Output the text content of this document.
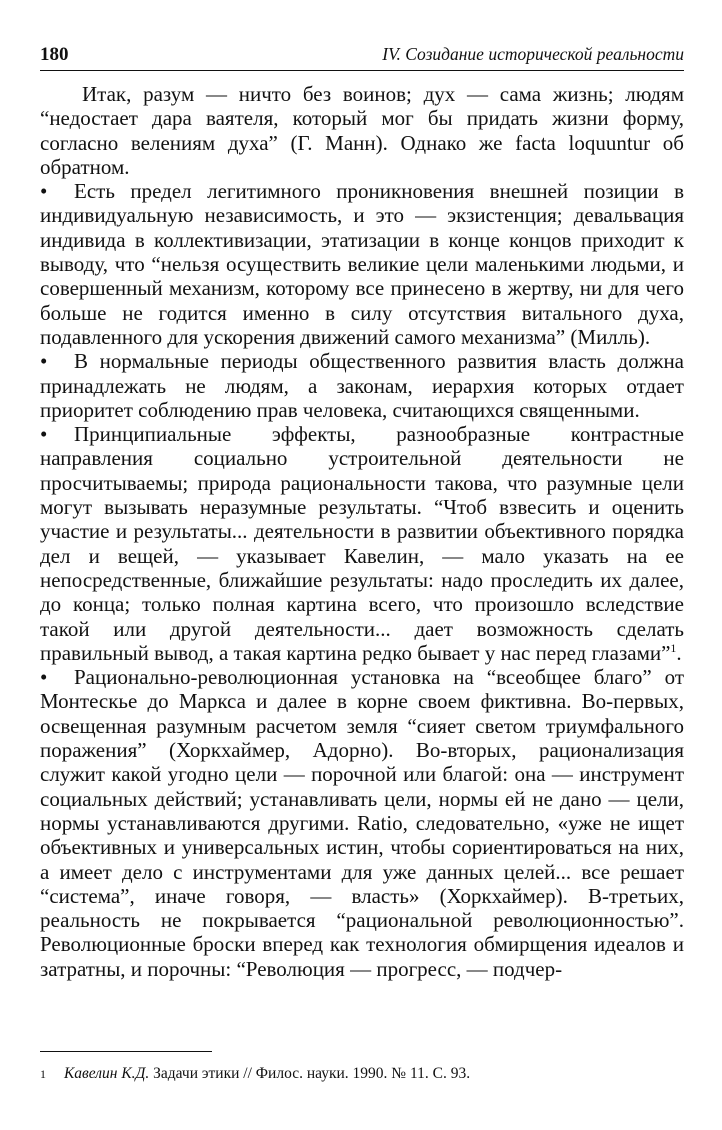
180	IV. Созидание исторической реальности

Итак, разум — ничто без воинов; дух — сама жизнь; людям “недостает дара ваятеля, который мог бы придать жизни форму, согласно велениям духа” (Г. Манн). Однако же facta loquuntur об обратном.

• Есть предел легитимного проникновения внешней позиции в индивидуальную независимость, и это — экзистенция; девальвация индивида в коллективизации, этатизации в конце концов приходит к выводу, что “нельзя осуществить великие цели маленькими людьми, и совершенный механизм, которому все принесено в жертву, ни для чего больше не годится именно в силу отсутствия витального духа, подавленного для ускорения движений самого механизма” (Милль).

• В нормальные периоды общественного развития власть должна принадлежать не людям, а законам, иерархия которых отдает приоритет соблюдению прав человека, считающихся священными.

• Принципиальные эффекты, разнообразные контрастные направления социально устроительной деятельности не просчитываемы; природа рациональности такова, что разумные цели могут вызывать неразумные результаты. “Чтоб взвесить и оценить участие и результаты... деятельности в развитии объективного порядка дел и вещей, — указывает Кавелин, — мало указать на ее непосредственные, ближайшие результаты: надо проследить их далее, до конца; только полная картина всего, что произошло вследствие такой или другой деятельности... дает возможность сделать правильный вывод, а такая картина редко бывает у нас перед глазами”$^1$.

• Рационально-революционная установка на “всеобщее благо” от Монтескье до Маркса и далее в корне своем фиктивна. Во-первых, освещенная разумным расчетом земля “сияет светом триумфального поражения” (Хоркхаймер, Адорно). Во-вторых, рационализация служит какой угодно цели — порочной или благой: она — инструмент социальных действий; устанавливать цели, нормы ей не дано — цели, нормы устанавливаются другими. Ratio, следовательно, «уже не ищет объективных и универсальных истин, чтобы сориентироваться на них, а имеет дело с инструментами для уже данных целей... все решает “система”, иначе говоря, — власть» (Хоркхаймер). В-третьих, реальность не покрывается “рациональной революционностью”. Революционные броски вперед как технология обмирщения идеалов и затратны, и порочны: “Революция — прогресс, — подчер-

1 Кавелин К.Д. Задачи этики // Филос. науки. 1990. № 11. С. 93.
